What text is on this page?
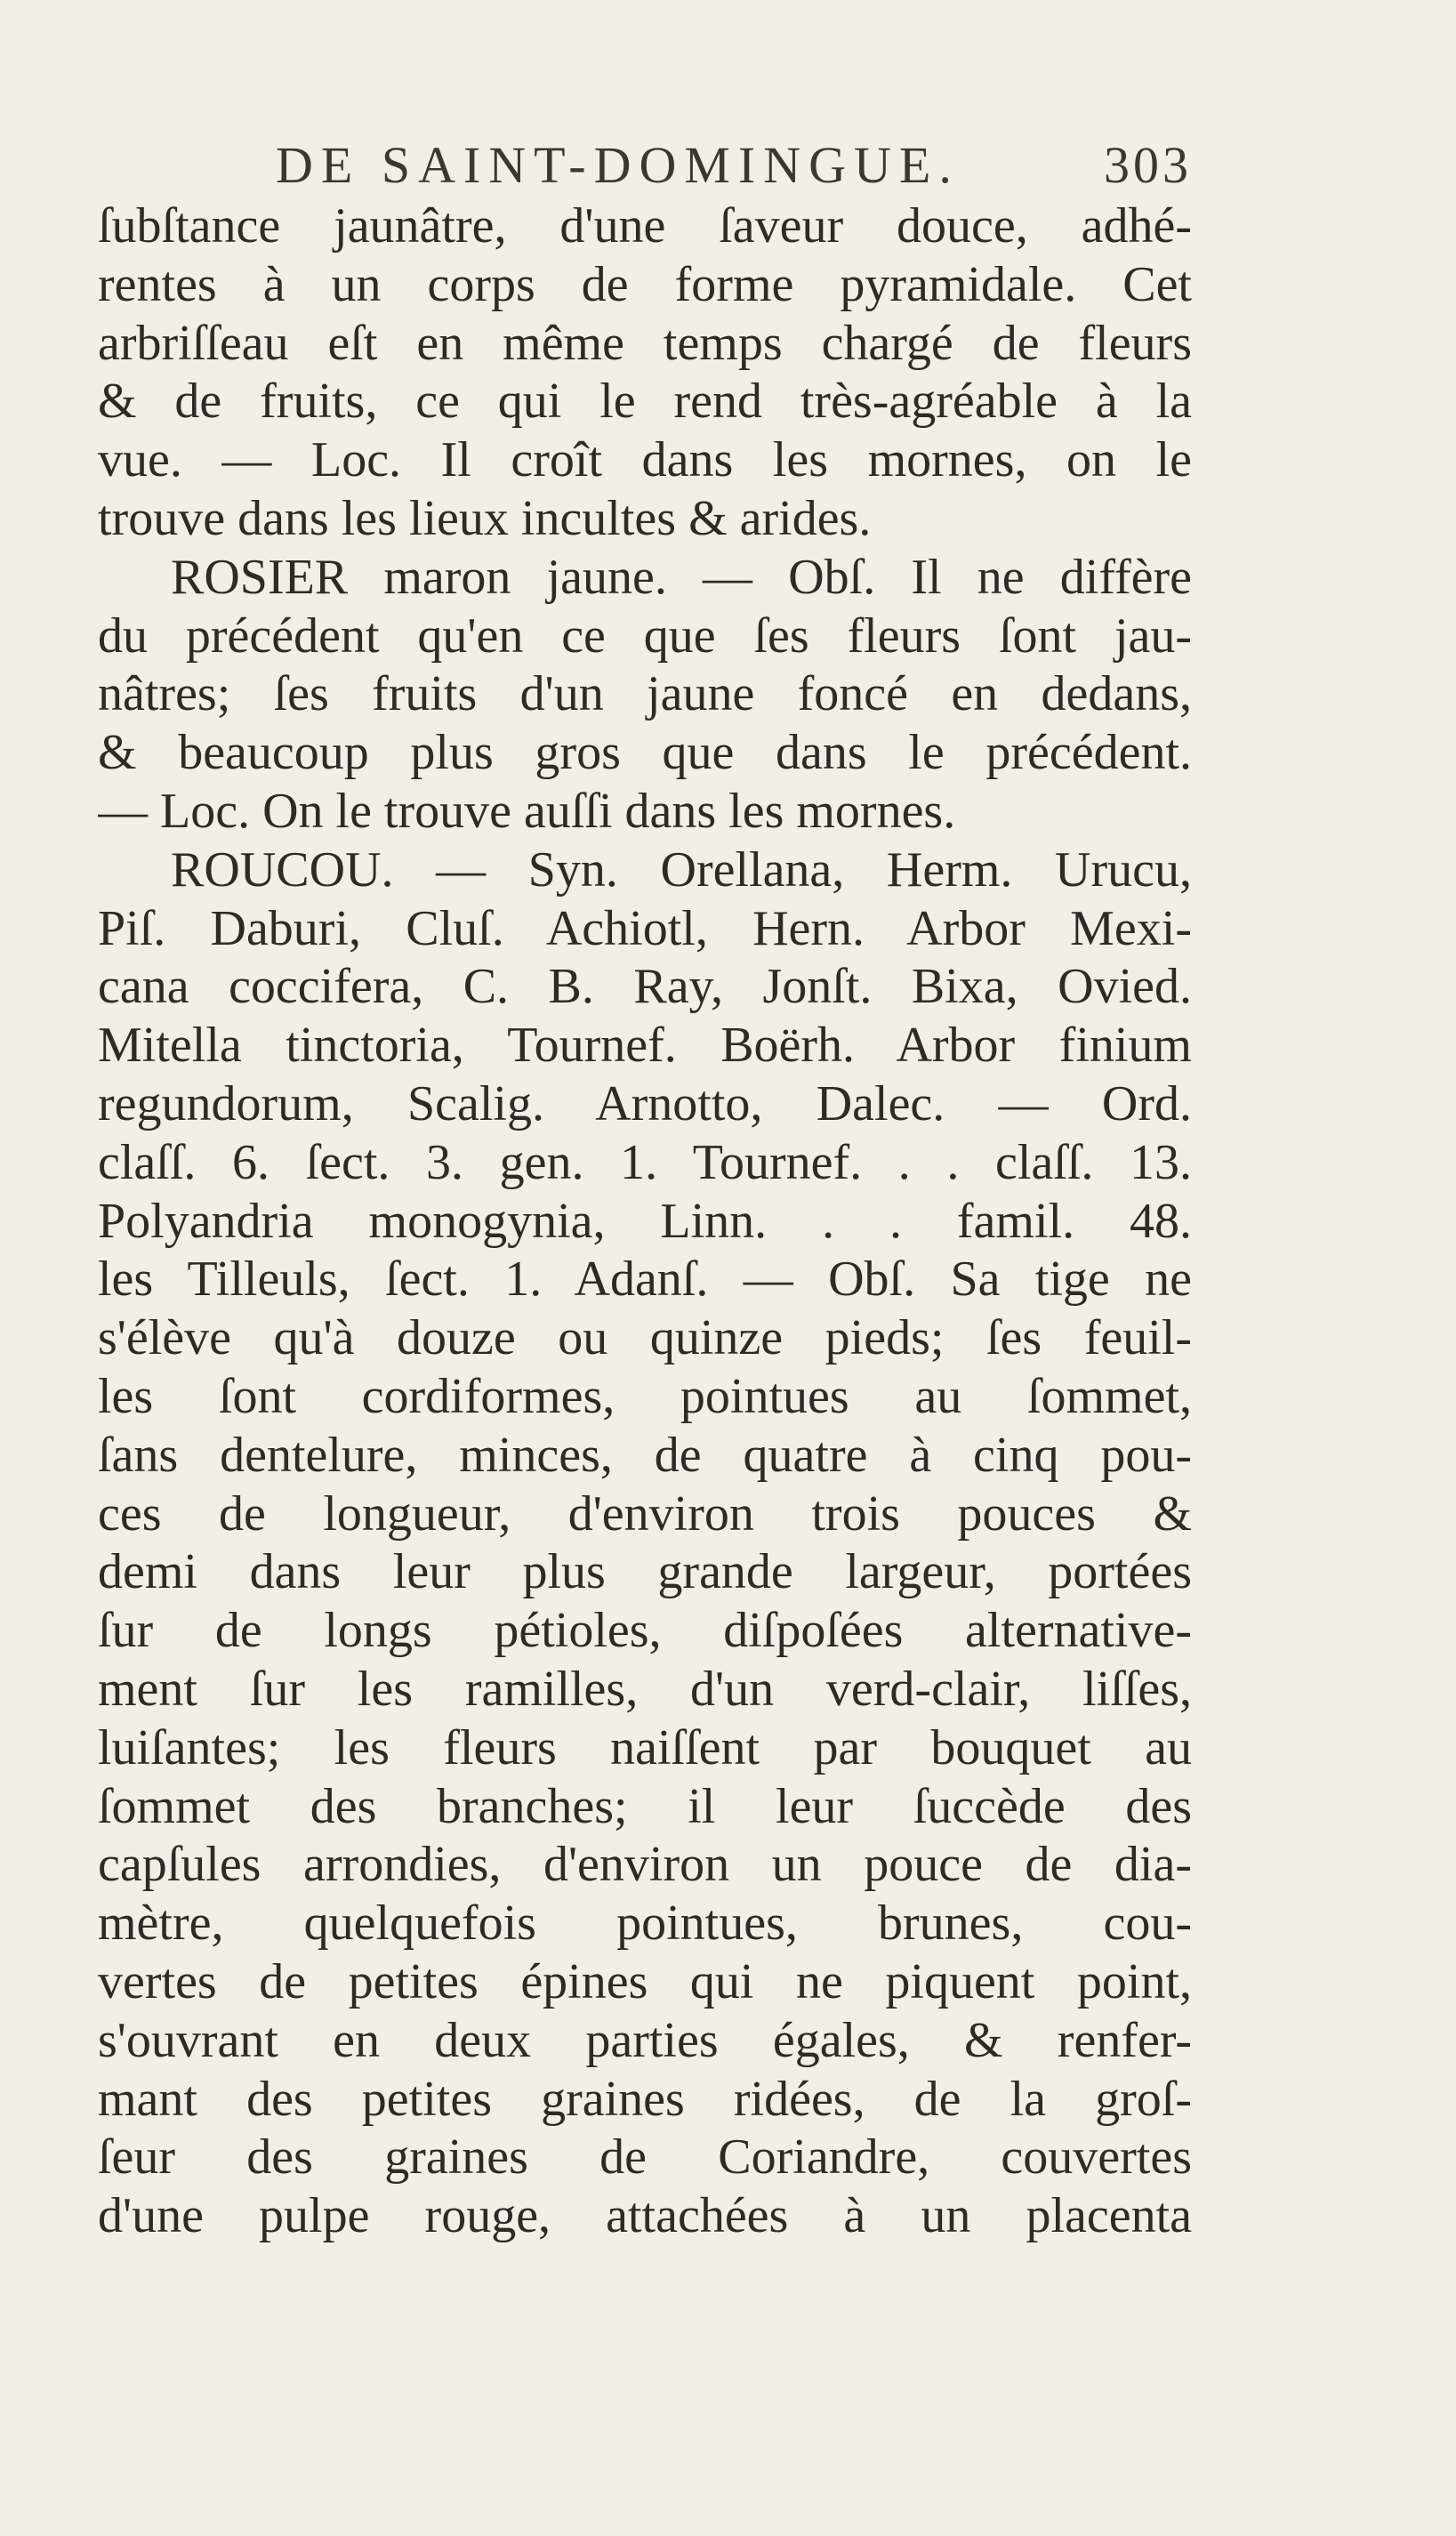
DE SAINT-DOMINGUE.	303
ſubſtance jaunâtre, d'une ſaveur douce, adhé-
rentes à un corps de forme pyramidale. Cet
arbriſſeau eſt en même temps chargé de fleurs
& de fruits, ce qui le rend très-agréable à la
vue. — Loc. Il croît dans les mornes, on le
trouve dans les lieux incultes & arides.
ROSIER maron jaune. — Obſ. Il ne diffère
du précédent qu'en ce que ſes fleurs ſont jau-
nâtres; ſes fruits d'un jaune foncé en dedans,
& beaucoup plus gros que dans le précédent.
— Loc. On le trouve auſſi dans les mornes.
ROUCOU. — Syn. Orellana, Herm. Urucu,
Piſ. Daburi, Cluſ. Achiotl, Hern. Arbor Mexi-
cana coccifera, C. B. Ray, Jonſt. Bixa, Ovied.
Mitella tinctoria, Tournef. Boërh. Arbor finium
regundorum, Scalig. Arnotto, Dalec. — Ord.
claſſ. 6. ſect. 3. gen. 1. Tournef. . . claſſ. 13.
Polyandria monogynia, Linn. . . famil. 48.
les Tilleuls, ſect. 1. Adanſ. — Obſ. Sa tige ne
s'élève qu'à douze ou quinze pieds; ſes feuil-
les ſont cordiformes, pointues au ſommet,
ſans dentelure, minces, de quatre à cinq pou-
ces de longueur, d'environ trois pouces &
demi dans leur plus grande largeur, portées
ſur de longs pétioles, diſpoſées alternative-
ment ſur les ramilles, d'un verd-clair, liſſes,
luiſantes; les fleurs naiſſent par bouquet au
ſommet des branches; il leur ſuccède des
capſules arrondies, d'environ un pouce de dia-
mètre, quelquefois pointues, brunes, cou-
vertes de petites épines qui ne piquent point,
s'ouvrant en deux parties égales, & renfer-
mant des petites graines ridées, de la groſ-
ſeur des graines de Coriandre, couvertes
d'une pulpe rouge, attachées à un placenta
